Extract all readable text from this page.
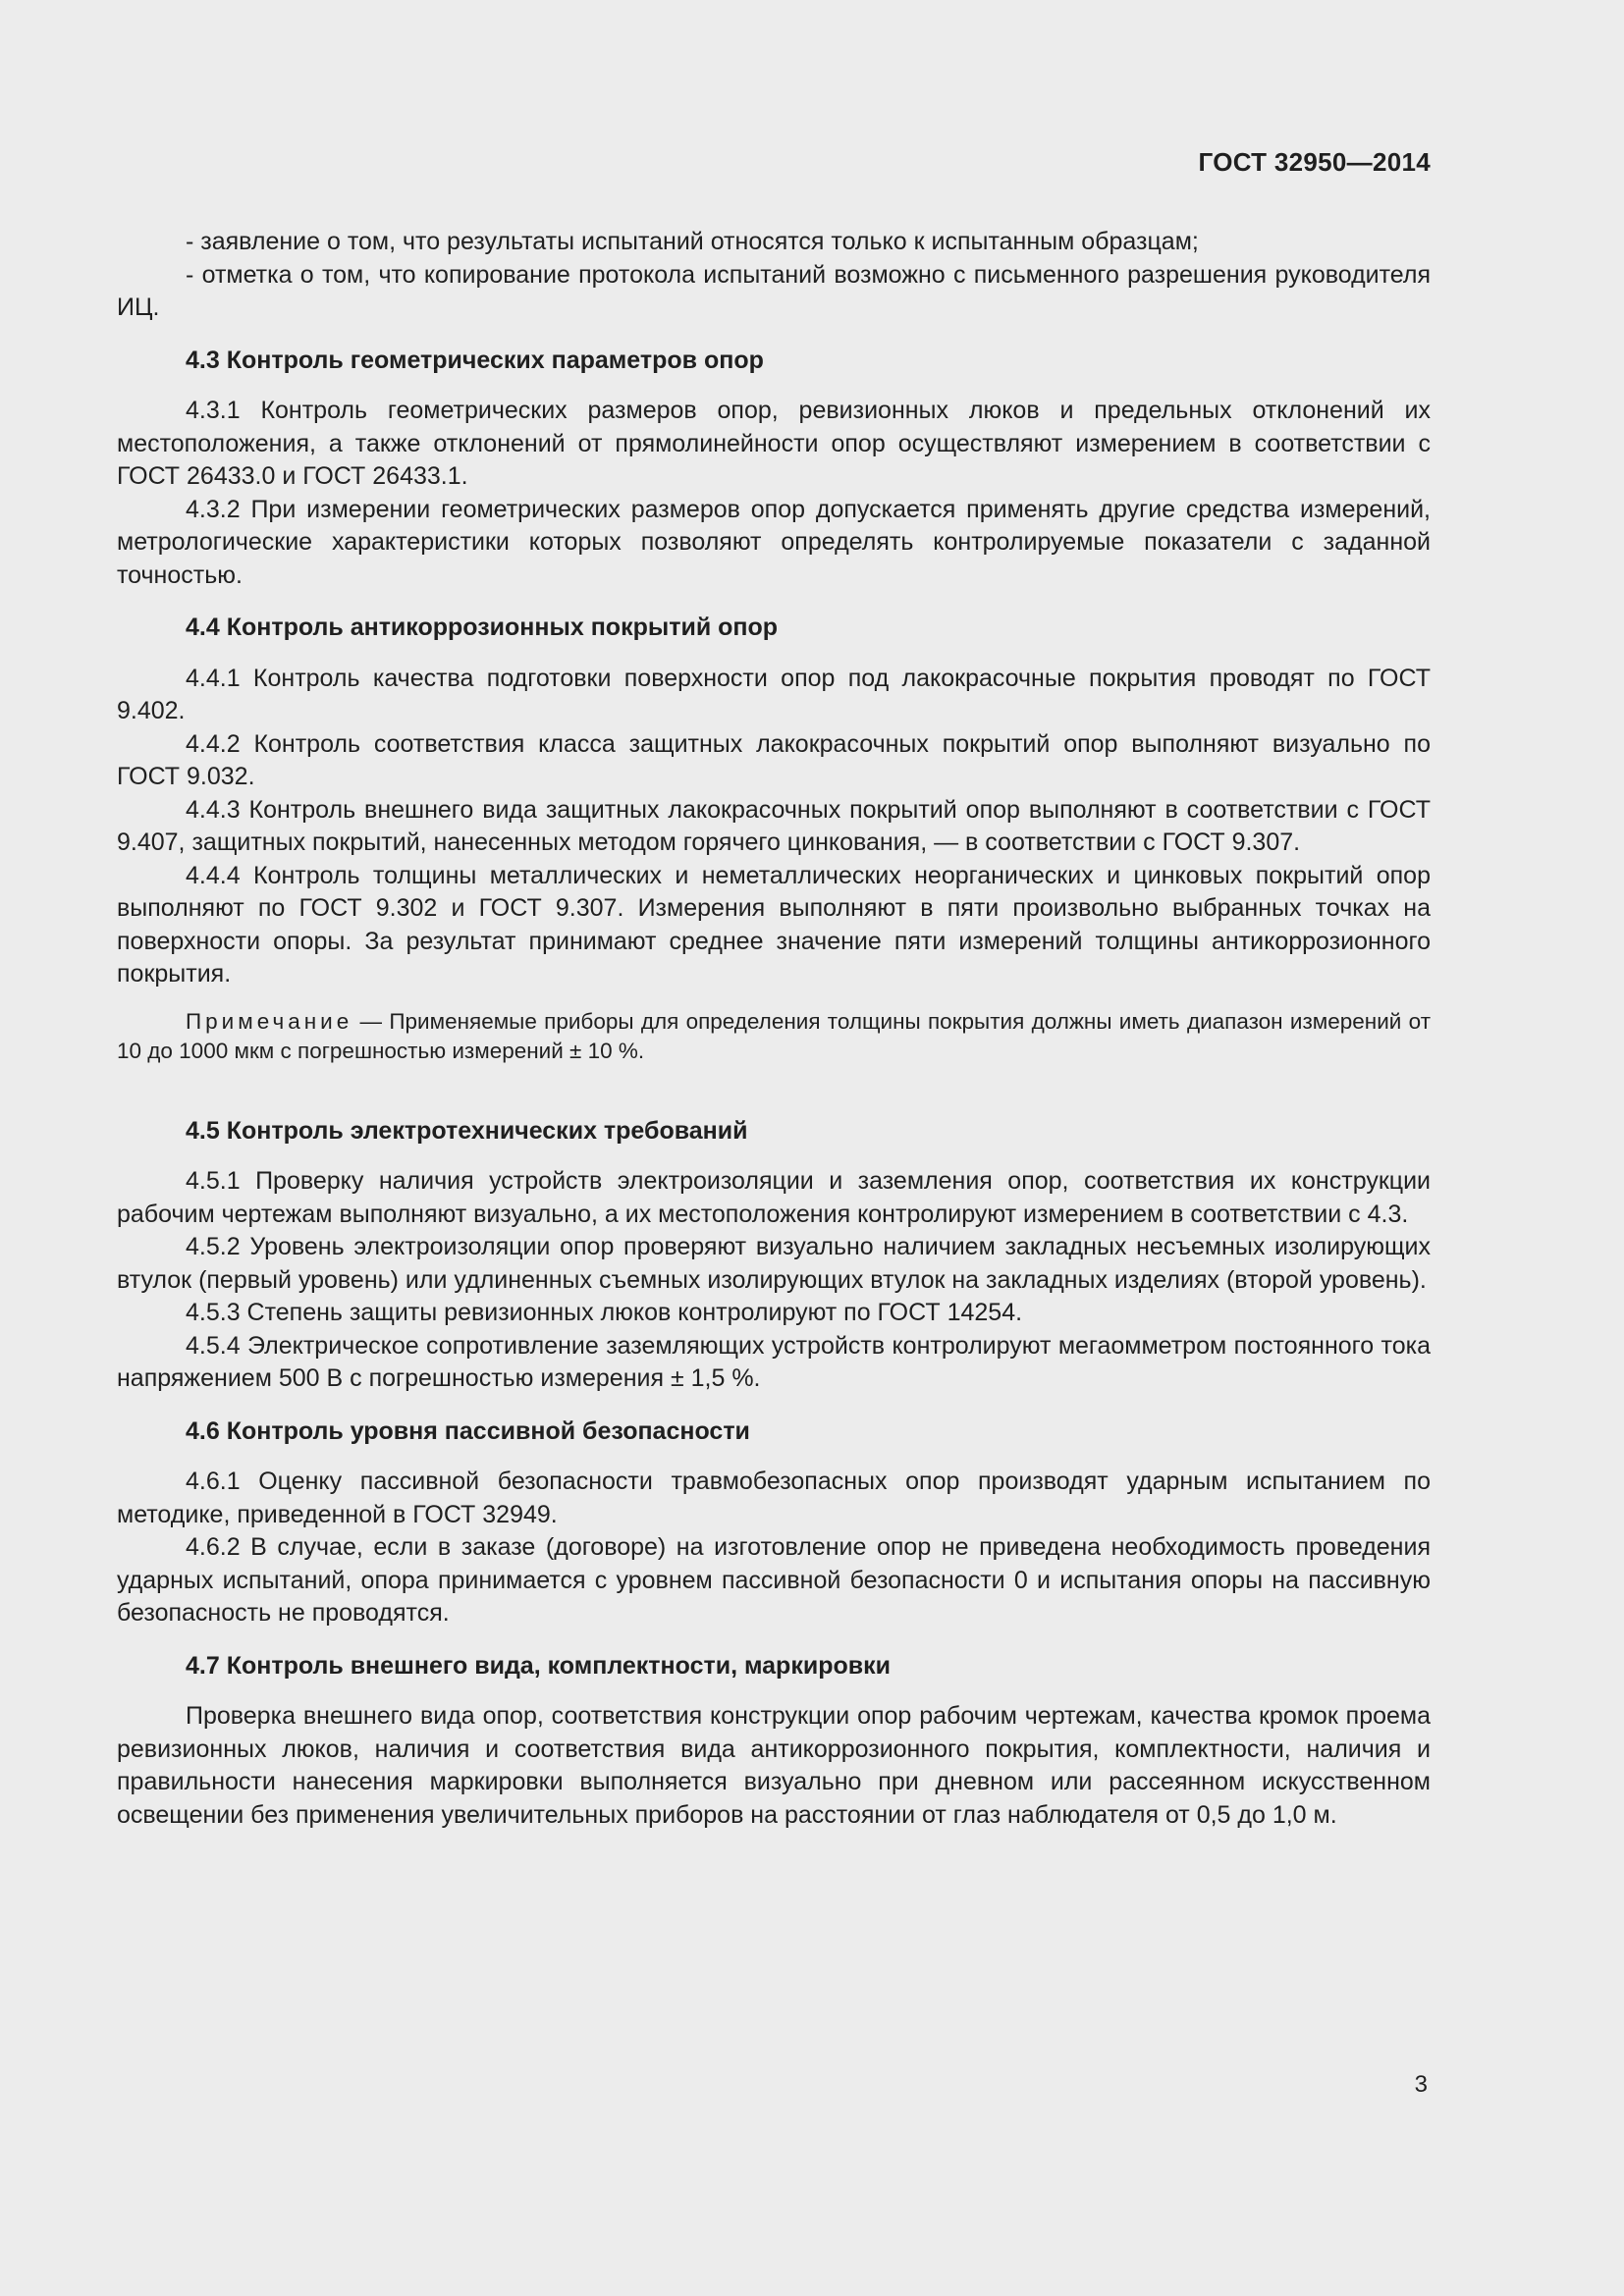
ГОСТ 32950—2014

- заявление о том, что результаты испытаний относятся только к испытанным образцам;

- отметка о том, что копирование протокола испытаний возможно с письменного разрешения руководителя ИЦ.

4.3 Контроль геометрических параметров опор

4.3.1 Контроль геометрических размеров опор, ревизионных люков и предельных отклонений их местоположения, а также отклонений от прямолинейности опор осуществляют измерением в соответствии с ГОСТ 26433.0 и ГОСТ 26433.1.

4.3.2 При измерении геометрических размеров опор допускается применять другие средства измерений, метрологические характеристики которых позволяют определять контролируемые показатели с заданной точностью.

4.4 Контроль антикоррозионных покрытий опор

4.4.1 Контроль качества подготовки поверхности опор под лакокрасочные покрытия проводят по ГОСТ 9.402.

4.4.2 Контроль соответствия класса защитных лакокрасочных покрытий опор выполняют визуально по ГОСТ 9.032.

4.4.3 Контроль внешнего вида защитных лакокрасочных покрытий опор выполняют в соответствии с ГОСТ 9.407, защитных покрытий, нанесенных методом горячего цинкования, — в соответствии с ГОСТ 9.307.

4.4.4 Контроль толщины металлических и неметаллических неорганических и цинковых покрытий опор выполняют по ГОСТ 9.302 и ГОСТ 9.307. Измерения выполняют в пяти произвольно выбранных точках на поверхности опоры. За результат принимают среднее значение пяти измерений толщины антикоррозионного покрытия.

Примечание — Применяемые приборы для определения толщины покрытия должны иметь диапазон измерений от 10 до 1000 мкм с погрешностью измерений ± 10 %.

4.5 Контроль электротехнических требований

4.5.1 Проверку наличия устройств электроизоляции и заземления опор, соответствия их конструкции рабочим чертежам выполняют визуально, а их местоположения контролируют измерением в соответствии с 4.3.

4.5.2 Уровень электроизоляции опор проверяют визуально наличием закладных несъемных изолирующих втулок (первый уровень) или удлиненных съемных изолирующих втулок на закладных изделиях (второй уровень).

4.5.3 Степень защиты ревизионных люков контролируют по ГОСТ 14254.

4.5.4 Электрическое сопротивление заземляющих устройств контролируют мегаомметром постоянного тока напряжением 500 В с погрешностью измерения ± 1,5 %.

4.6 Контроль уровня пассивной безопасности

4.6.1 Оценку пассивной безопасности травмобезопасных опор производят ударным испытанием по методике, приведенной в ГОСТ 32949.

4.6.2 В случае, если в заказе (договоре) на изготовление опор не приведена необходимость проведения ударных испытаний, опора принимается с уровнем пассивной безопасности 0 и испытания опоры на пассивную безопасность не проводятся.

4.7 Контроль внешнего вида, комплектности, маркировки

Проверка внешнего вида опор, соответствия конструкции опор рабочим чертежам, качества кромок проема ревизионных люков, наличия и соответствия вида антикоррозионного покрытия, комплектности, наличия и правильности нанесения маркировки выполняется визуально при дневном или рассеянном искусственном освещении без применения увеличительных приборов на расстоянии от глаз наблюдателя от 0,5 до 1,0 м.

3
